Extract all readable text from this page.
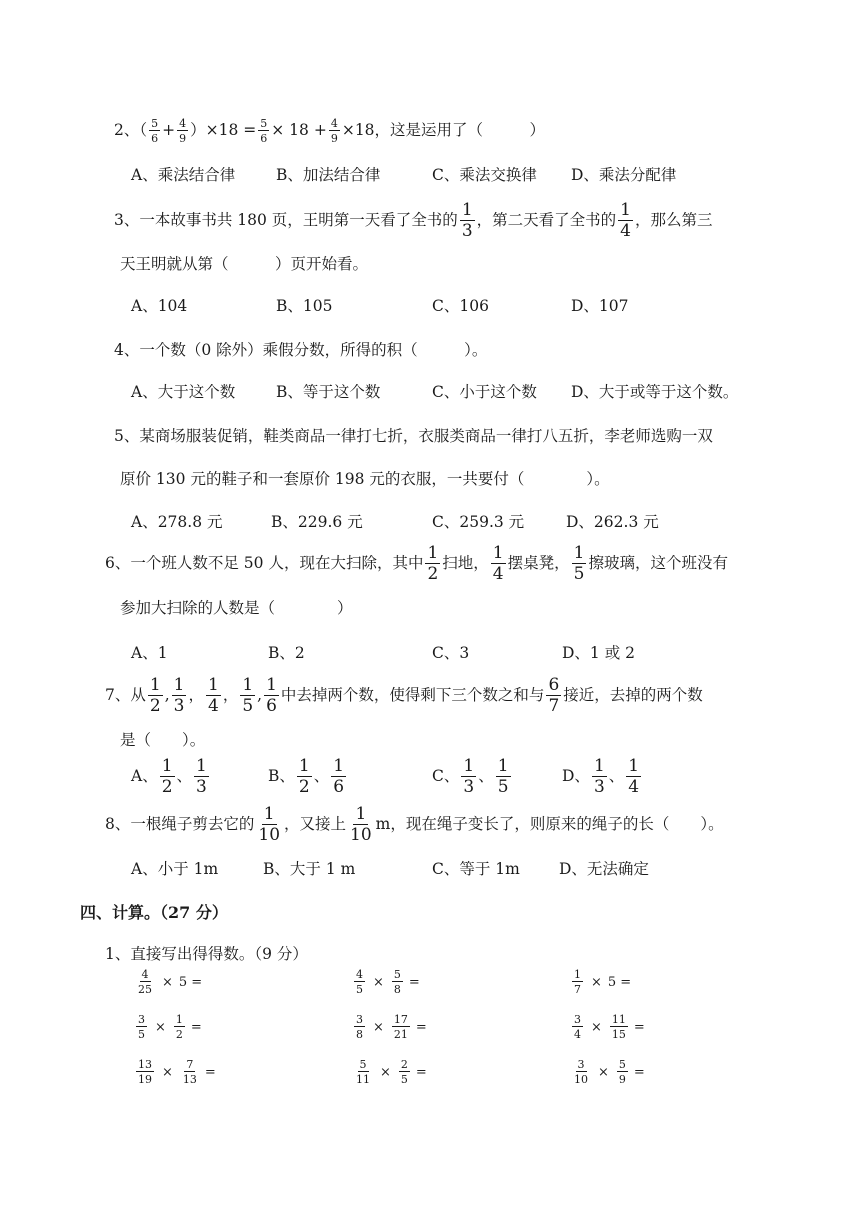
2、（ $\frac{5}{6} + \frac{4}{9} )\times 18 = \frac{5}{6} \times 18 + \frac{4}{9} \times 18$，这是运用了（　　　）
A、乘法结合律	B、加法结合律	C、乘法交换律 D、乘法分配律
3、一本故事书共 180 页，王明第一天看了全书的 $\frac{1}{3}$ ，第二天看了全书的 $\frac{1}{4}$ ，那么第三
天王明就从第（　　　）页开始看。
A、104	B、105	C、106	D、107
4、一个数（0 除外）乘假分数，所得的积（　　　）。
A、大于这个数	B、等于这个数	C、小于这个数 D、大于或等于这个数。
5、某商场服装促销，鞋类商品一律打七折，衣服类商品一律打八五折，李老师选购一双
原价 130 元的鞋子和一套原价 198 元的衣服，一共要付（　　　　）。
A、278.8 元	B、229.6 元	C、259.3 元	D、262.3 元
6、一个班人数不足 50 人，现在大扫除，其中 $\frac{1}{2}$ 扫地， $\frac{1}{4}$ 摆桌凳， $\frac{1}{5}$ 擦玻璃，这个班没有
参加大扫除的人数是（　　　　）
A、1	B、2	C、3	D、1 或 2
7、从 $\frac{1}{2}$ , $\frac{1}{3}$ ， $\frac{1}{4}$ ， $\frac{1}{5}$ , $\frac{1}{6}$ 中去掉两个数，使得剩下三个数之和与 $\frac{6}{7}$ 接近，去掉的两个数
是（　　）。
A、 $\frac{1}{2}$ 、 $\frac{1}{3}$	B、 $\frac{1}{2}$ 、 $\frac{1}{6}$	C、 $\frac{1}{3}$ 、 $\frac{1}{5}$	D、 $\frac{1}{3}$ 、 $\frac{1}{4}$
8、一根绳子剪去它的 $\frac{1}{10}$ ，又接上 $\frac{1}{10}$ m，现在绳子变长了，则原来的绳子的长（　　）。
A、小于 1m	B、大于 1 m	C、等于 1m	D、无法确定
四、计算。（27 分）
1、直接写出得得数。（9 分）
$\frac{4}{25} \times 5$ =	$\frac{4}{5} \times \frac{5}{8}$ =	$\frac{1}{7} \times 5$ =
$\frac{3}{5} \times \frac{1}{2}$ =	$\frac{3}{8} \times \frac{17}{21}$ =	$\frac{3}{4} \times \frac{11}{15}$ =
$\frac{13}{19} \times \frac{7}{13}$ =	$\frac{5}{11} \times \frac{2}{5}$ =	$\frac{3}{10} \times \frac{5}{9}$ =
